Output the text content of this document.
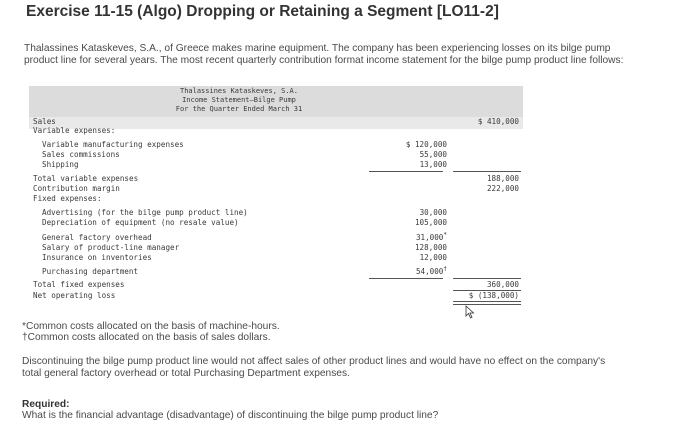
Exercise 11-15 (Algo) Dropping or Retaining a Segment [LO11-2]
Thalassines Kataskeves, S.A., of Greece makes marine equipment. The company has been experiencing losses on its bilge pump
product line for several years. The most recent quarterly contribution format income statement for the bilge pump product line follows:
Thalassines Kataskeves, S.A.
Income Statement—Bilge Pump
For the Quarter Ended March 31
Sales	$ 410,000
Variable expenses:
Variable manufacturing expenses	$ 120,000
Sales commissions	55,000
Shipping	13,000
Total variable expenses	188,000
Contribution margin	222,000
Fixed expenses:
Advertising (for the bilge pump product line)	30,000
Depreciation of equipment (no resale value)	105,000
General factory overhead	31,000*
Salary of product-line manager	128,000
Insurance on inventories	12,000
Purchasing department	54,000†
Total fixed expenses	360,000
Net operating loss	$ (138,000)
*Common costs allocated on the basis of machine-hours.
†Common costs allocated on the basis of sales dollars.
Discontinuing the bilge pump product line would not affect sales of other product lines and would have no effect on the company's
total general factory overhead or total Purchasing Department expenses.
Required:
What is the financial advantage (disadvantage) of discontinuing the bilge pump product line?
